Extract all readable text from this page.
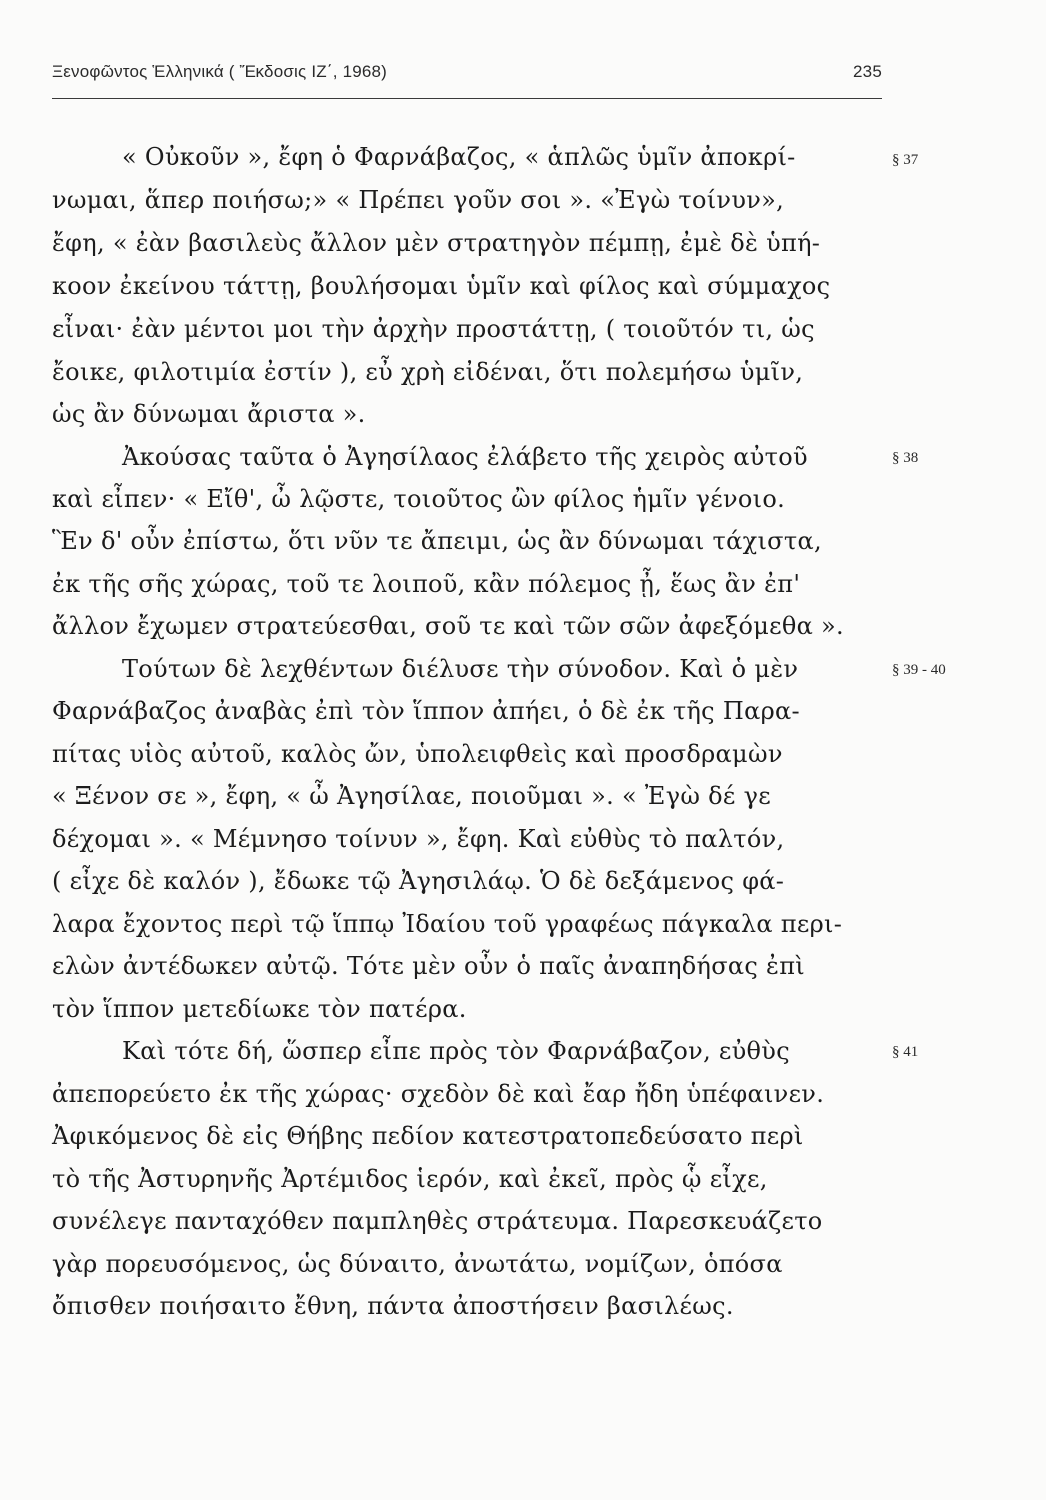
Ξενοφῶντος Ἑλληνικά ( Ἔκδοσις ΙΖ΄, 1968)	235
« Οὐκοῦν », ἔφη ὁ Φαρνάβαζος, « ἁπλῶς ὑμῖν ἀποκρί-
νωμαι, ἅπερ ποιήσω;» « Πρέπει γοῦν σοι ». «Ἐγὼ τοίνυν»,
ἔφη, « ἐὰν βασιλεὺς ἄλλον μὲν στρατηγὸν πέμπῃ, ἐμὲ δὲ ὑπή-
κοον ἐκείνου τάττῃ, βουλήσομαι ὑμῖν καὶ φίλος καὶ σύμμαχος
εἶναι· ἐὰν μέντοι μοι τὴν ἀρχὴν προστάττῃ, ( τοιοῦτόν τι, ὡς
ἔοικε, φιλοτιμία ἐστίν ), εὖ χρὴ εἰδέναι, ὅτι πολεμήσω ὑμῖν,
ὡς ἂν δύνωμαι ἄριστα ».
Ἀκούσας ταῦτα ὁ Ἀγησίλαος ἐλάβετο τῆς χειρὸς αὐτοῦ
καὶ εἶπεν· « Εἴθ', ὦ λῷστε, τοιοῦτος ὢν φίλος ἡμῖν γένοιο.
Ἓν δ' οὖν ἐπίστω, ὅτι νῦν τε ἄπειμι, ὡς ἂν δύνωμαι τάχιστα,
ἐκ τῆς σῆς χώρας, τοῦ τε λοιποῦ, κἂν πόλεμος ᾖ, ἕως ἂν ἐπ'
ἄλλον ἔχωμεν στρατεύεσθαι, σοῦ τε καὶ τῶν σῶν ἀφεξόμεθα ».
Τούτων δὲ λεχθέντων διέλυσε τὴν σύνοδον. Καὶ ὁ μὲν
Φαρνάβαζος ἀναβὰς ἐπὶ τὸν ἵππον ἀπήει, ὁ δὲ ἐκ τῆς Παρα-
πίτας υἱὸς αὐτοῦ, καλὸς ὤν, ὑπολειφθεὶς καὶ προσδραμὼν
« Ξένον σε », ἔφη, « ὦ Ἀγησίλαε, ποιοῦμαι ». « Ἐγὼ δέ γε
δέχομαι ». « Μέμνησο τοίνυν », ἔφη. Καὶ εὐθὺς τὸ παλτόν,
( εἶχε δὲ καλόν ), ἔδωκε τῷ Ἀγησιλάῳ. Ὁ δὲ δεξάμενος φά-
λαρα ἔχοντος περὶ τῷ ἵππῳ Ἰδαίου τοῦ γραφέως πάγκαλα περι-
ελὼν ἀντέδωκεν αὐτῷ. Τότε μὲν οὖν ὁ παῖς ἀναπηδήσας ἐπὶ
τὸν ἵππον μετεδίωκε τὸν πατέρα.
Καὶ τότε δή, ὥσπερ εἶπε πρὸς τὸν Φαρνάβαζον, εὐθὺς
ἀπεπορεύετο ἐκ τῆς χώρας· σχεδὸν δὲ καὶ ἔαρ ἤδη ὑπέφαινεν.
Ἀφικόμενος δὲ εἰς Θήβης πεδίον κατεστρατοπεδεύσατο περὶ
τὸ τῆς Ἀστυρηνῆς Ἀρτέμιδος ἱερόν, καὶ ἐκεῖ, πρὸς ᾧ εἶχε,
συνέλεγε πανταχόθεν παμπληθὲς στράτευμα. Παρεσκευάζετο
γὰρ πορευσόμενος, ὡς δύναιτο, ἀνωτάτω, νομίζων, ὁπόσα
ὄπισθεν ποιήσαιτο ἔθνη, πάντα ἀποστήσειν βασιλέως.
§ 37
§ 38
§ 39 - 40
§ 41
